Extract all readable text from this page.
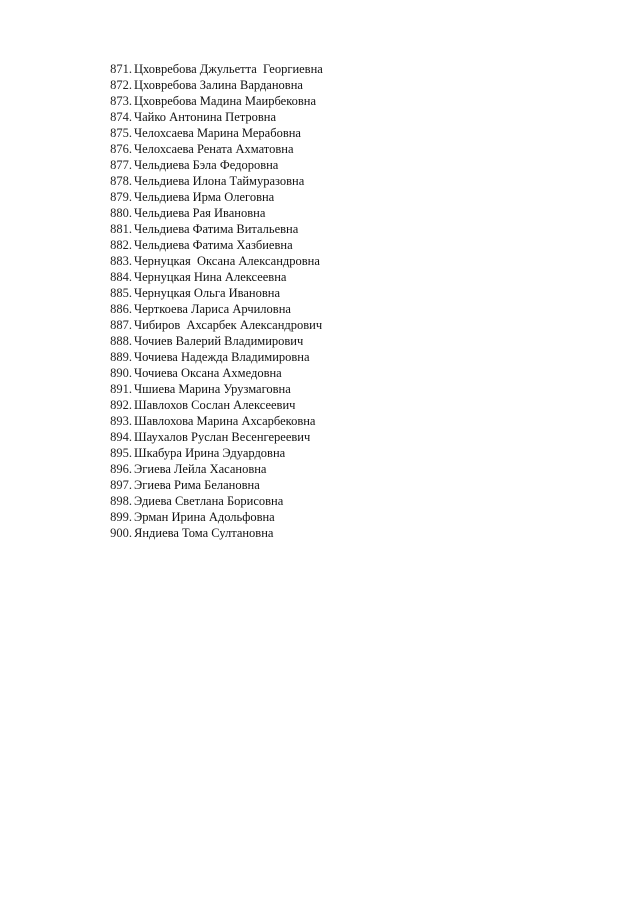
871. Цховребова Джульетта  Георгиевна
872. Цховребова Залина Вардановна
873. Цховребова Мадина Маирбековна
874. Чайко Антонина Петровна
875. Челохсаева Марина Мерабовна
876. Челохсаева Рената Ахматовна
877. Чельдиева Бэла Федоровна
878. Чельдиева Илона Таймуразовна
879. Чельдиева Ирма Олеговна
880. Чельдиева Рая Ивановна
881. Чельдиева Фатима Витальевна
882. Чельдиева Фатима Хазбиевна
883. Чернуцкая  Оксана Александровна
884. Чернуцкая Нина Алексеевна
885. Чернуцкая Ольга Ивановна
886. Черткоева Лариса Арчиловна
887. Чибиров  Ахсарбек Александрович
888. Чочиев Валерий Владимирович
889. Чочиева Надежда Владимировна
890. Чочиева Оксана Ахмедовна
891. Чшиева Марина Урузмаговна
892. Шавлохов Сослан Алексеевич
893. Шавлохова Марина Ахсарбековна
894. Шаухалов Руслан Весенгереевич
895. Шкабура Ирина Эдуардовна
896. Эгиева Лейла Хасановна
897. Эгиева Рима Белановна
898. Эдиева Светлана Борисовна
899. Эрман Ирина Адольфовна
900. Яндиева Тома Султановна
